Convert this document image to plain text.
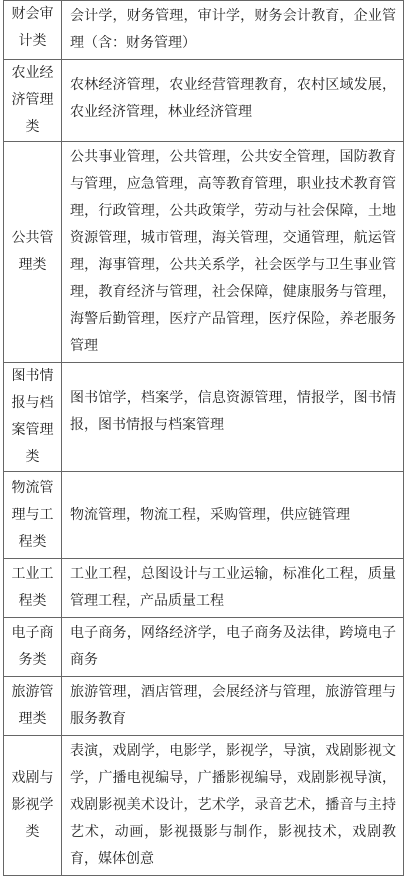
财会审计类	会计学，财务管理，审计学，财务会计教育，企业管理（含：财务管理）
农业经济管理类	农林经济管理，农业经营管理教育，农村区域发展，农业经济管理，林业经济管理
公共管理类	公共事业管理，公共管理，公共安全管理，国防教育与管理，应急管理，高等教育管理，职业技术教育管理，行政管理，公共政策学，劳动与社会保障，土地资源管理，城市管理，海关管理，交通管理，航运管理，海事管理，公共关系学，社会医学与卫生事业管理，教育经济与管理，社会保障，健康服务与管理，海警后勤管理，医疗产品管理，医疗保险，养老服务管理
图书情报与档案管理类	图书馆学，档案学，信息资源管理，情报学，图书情报，图书情报与档案管理
物流管理与工程类	物流管理，物流工程，采购管理，供应链管理
工业工程类	工业工程，总图设计与工业运输，标准化工程，质量管理工程，产品质量工程
电子商务类	电子商务，网络经济学，电子商务及法律，跨境电子商务
旅游管理类	旅游管理，酒店管理，会展经济与管理，旅游管理与服务教育
戏剧与影视学类	表演，戏剧学，电影学，影视学，导演，戏剧影视文学，广播电视编导，广播影视编导，戏剧影视导演，戏剧影视美术设计，艺术学，录音艺术，播音与主持艺术，动画，影视摄影与制作，影视技术，戏剧教育，媒体创意
